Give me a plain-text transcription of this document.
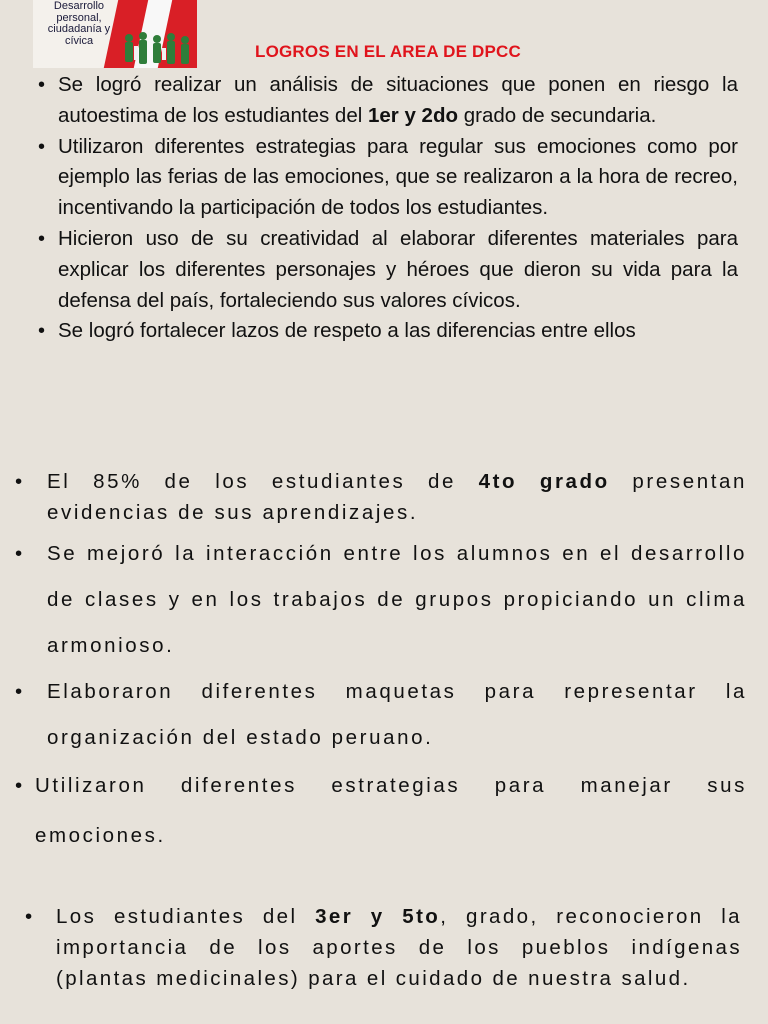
Desarrollo personal, ciudadanía y cívica
LOGROS EN EL AREA DE DPCC
• Se logró realizar un análisis de situaciones que ponen en riesgo la autoestima de los estudiantes del 1er y 2do grado de secundaria.
• Utilizaron diferentes estrategias para regular sus emociones como por ejemplo las ferias de las emociones, que se realizaron a la hora de recreo, incentivando la participación de todos los estudiantes.
• Hicieron uso de su creatividad al elaborar diferentes materiales para explicar los diferentes personajes y héroes que dieron su vida para la defensa del país, fortaleciendo sus valores cívicos.
• Se logró fortalecer lazos de respeto a las diferencias entre ellos
• El 85% de los estudiantes de 4to grado presentan evidencias de sus aprendizajes.
• Se mejoró la interacción entre los alumnos en el desarrollo de clases y en los trabajos de grupos propiciando un clima armonioso.
• Elaboraron diferentes maquetas para representar la organización del estado peruano.
• Utilizaron diferentes estrategias para manejar sus emociones.
• Los estudiantes del 3er y 5to, grado, reconocieron la importancia de los aportes de los pueblos indígenas (plantas medicinales) para el cuidado de nuestra salud.
